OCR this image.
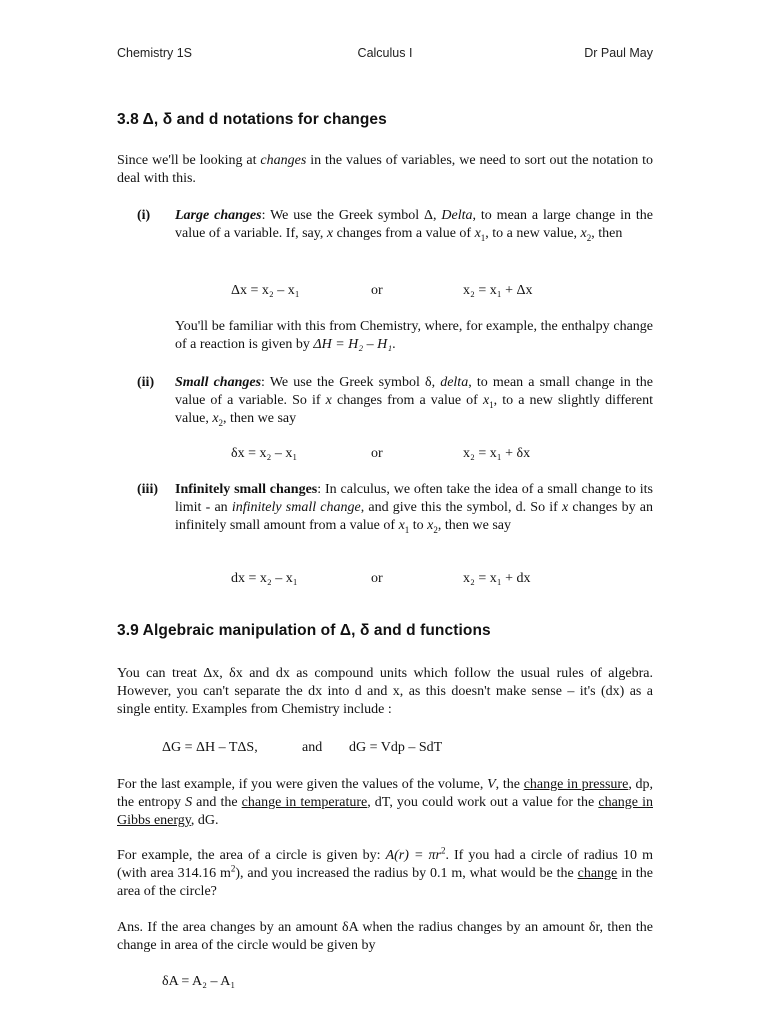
Chemistry 1S	Calculus I	Dr Paul May
3.8 Δ, δ and d notations for changes

Since we'll be looking at changes in the values of variables, we need to sort out the notation to deal with this.

(i) Large changes: We use the Greek symbol Δ, Delta, to mean a large change in the value of a variable. If, say, x changes from a value of $x_1$, to a new value, $x_2$, then
Δx = x₂ – x₁	or	x₂ = x₁ + Δx

You'll be familiar with this from Chemistry, where, for example, the enthalpy change of a reaction is given by ΔH = H₂ – H₁.

(ii) Small changes: We use the Greek symbol δ, delta, to mean a small change in the value of a variable. So if x changes from a value of $x_1$, to a new slightly different value, $x_2$, then we say
δx = x₂ – x₁	or	x₂ = x₁ + δx
(iii) Infinitely small changes: In calculus, we often take the idea of a small change to its limit - an infinitely small change, and give this the symbol, d. So if x changes by an infinitely small amount from a value of $x_1$ to $x_2$, then we say
dx = x₂ – x₁	or	x₂ = x₁ + dx
3.9 Algebraic manipulation of Δ, δ and d functions

You can treat Δx, δx and dx as compound units which follow the usual rules of algebra. However, you can't separate the dx into d and x, as this doesn't make sense – it's (dx) as a single entity. Examples from Chemistry include :

ΔG = ΔH – TΔS,	and dG = Vdp – SdT

For the last example, if you were given the values of the volume, V, the change in pressure, dp, the entropy S and the change in temperature, dT, you could work out a value for the change in Gibbs energy, dG.

For example, the area of a circle is given by: $A(r) = \pi r^2$. If you had a circle of radius 10 m (with area 314.16 $m^2$), and you increased the radius by 0.1 m, what would be the change in the area of the circle?

Ans. If the area changes by an amount δA when the radius changes by an amount δr, then the change in area of the circle would be given by

δA = A₂ – A₁
